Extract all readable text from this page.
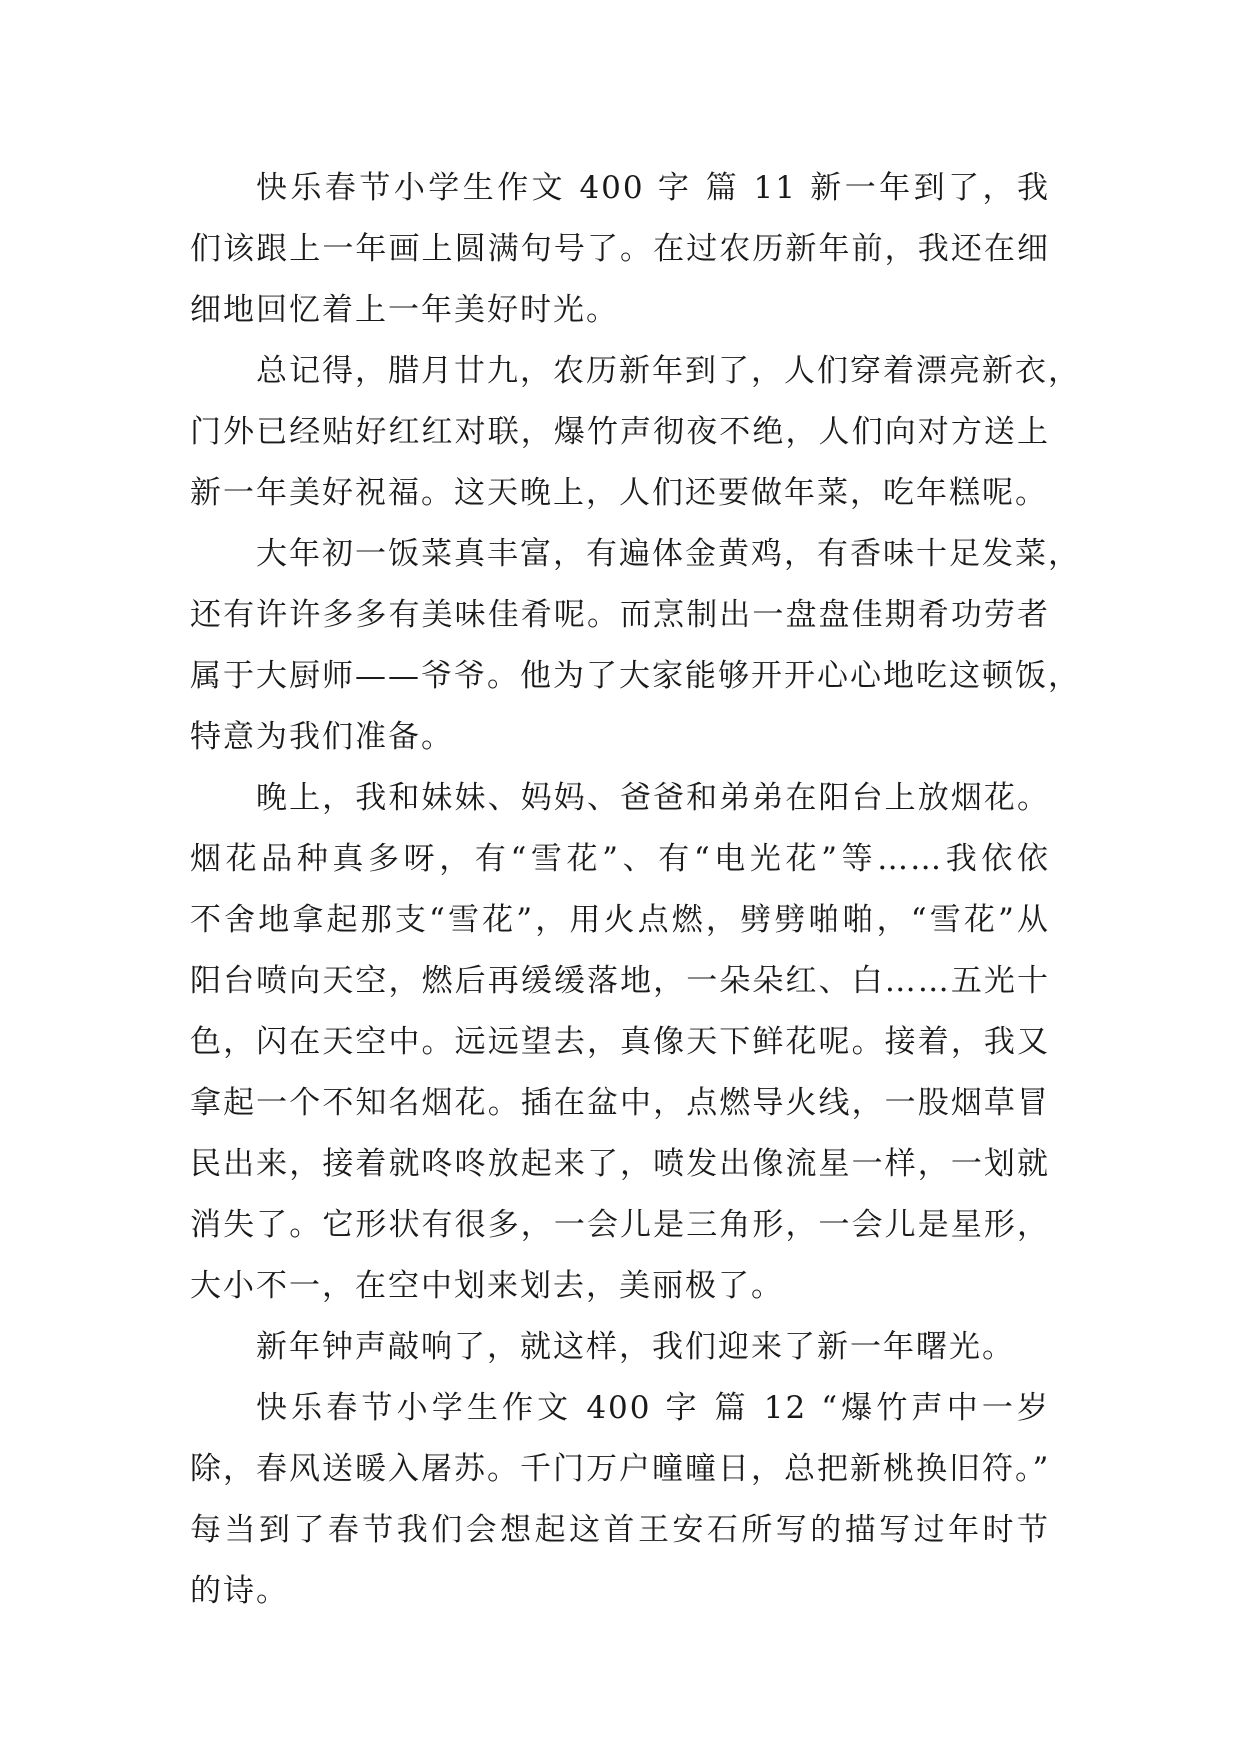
快乐春节小学生作文 400 字 篇 11 新一年到了，我
们该跟上一年画上圆满句号了。在过农历新年前，我还在细
细地回忆着上一年美好时光。
总记得，腊月廿九，农历新年到了，人们穿着漂亮新衣，
门外已经贴好红红对联，爆竹声彻夜不绝，人们向对方送上
新一年美好祝福。这天晚上，人们还要做年菜，吃年糕呢。
大年初一饭菜真丰富，有遍体金黄鸡，有香味十足发菜，
还有许许多多有美味佳肴呢。而烹制出一盘盘佳期肴功劳者
属于大厨师——爷爷。他为了大家能够开开心心地吃这顿饭，
特意为我们准备。
晚上，我和妹妹、妈妈、爸爸和弟弟在阳台上放烟花。
烟花品种真多呀，有“雪花”、有“电光花”等……我依依
不舍地拿起那支“雪花”，用火点燃，劈劈啪啪，“雪花”从
阳台喷向天空，燃后再缓缓落地，一朵朵红、白……五光十
色，闪在天空中。远远望去，真像天下鲜花呢。接着，我又
拿起一个不知名烟花。插在盆中，点燃导火线，一股烟草冒
民出来，接着就咚咚放起来了，喷发出像流星一样，一划就
消失了。它形状有很多，一会儿是三角形，一会儿是星形，
大小不一，在空中划来划去，美丽极了。
新年钟声敲响了，就这样，我们迎来了新一年曙光。
快乐春节小学生作文 400 字 篇 12 “爆竹声中一岁
除，春风送暖入屠苏。千门万户曈曈日，总把新桃换旧符。”
每当到了春节我们会想起这首王安石所写的描写过年时节
的诗。
